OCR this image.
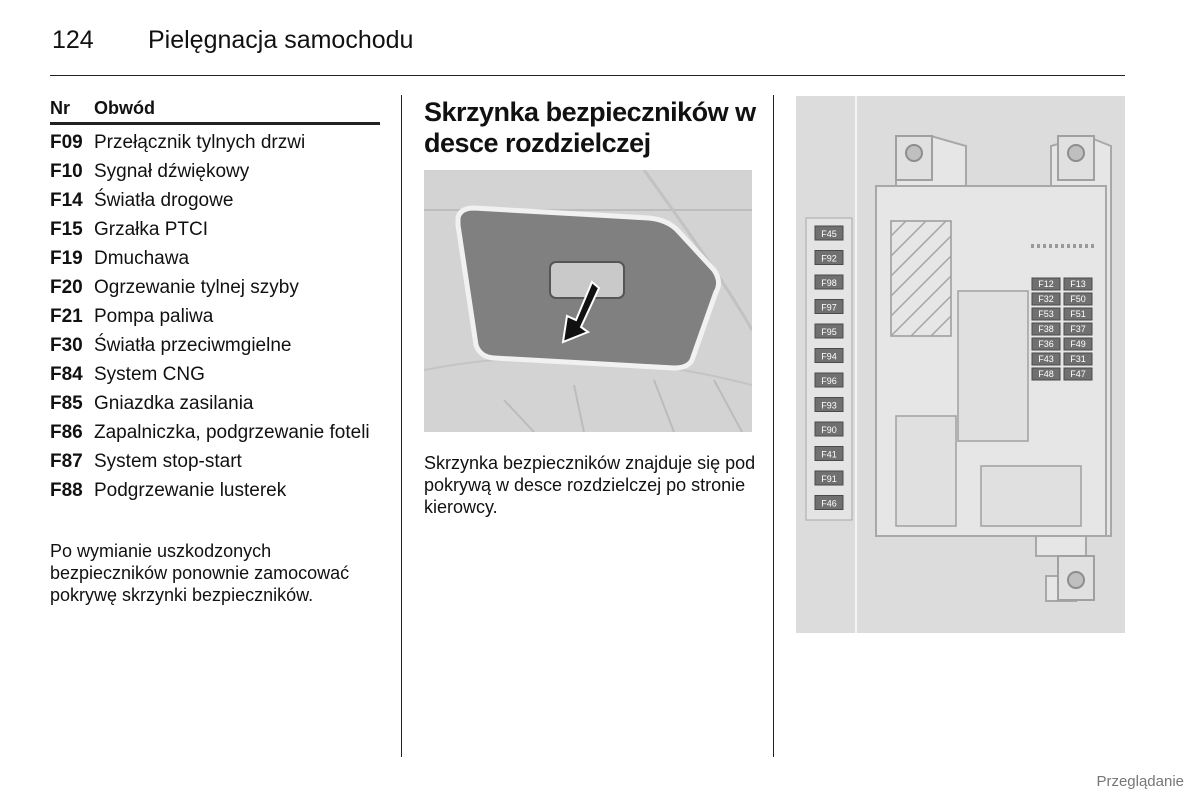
124 Pielęgnacja samochodu
Nr	Obwód
F09 Przełącznik tylnych drzwi
F10 Sygnał dźwiękowy
F14 Światła drogowe
F15 Grzałka PTCI
F19 Dmuchawa
F20 Ogrzewanie tylnej szyby
F21 Pompa paliwa
F30 Światła przeciwmgielne
F84 System CNG
F85 Gniazdka zasilania
F86 Zapalniczka, podgrzewanie foteli
F87 System stop-start
F88 Podgrzewanie lusterek
Po wymianie uszkodzonych bezpieczników ponownie zamocować pokrywę skrzynki bezpieczników.
Skrzynka bezpieczników w desce rozdzielczej
Skrzynka bezpieczników znajduje się pod pokrywą w desce rozdzielczej po stronie kierowcy.
F45
F92
F98
F97
F95
F94
F96
F93
F90
F41
F91
F46
F12
F32
F53
F38
F36
F43
F48
F13
F50
F51
F37
F49
F31
F47
Przeglądanie
